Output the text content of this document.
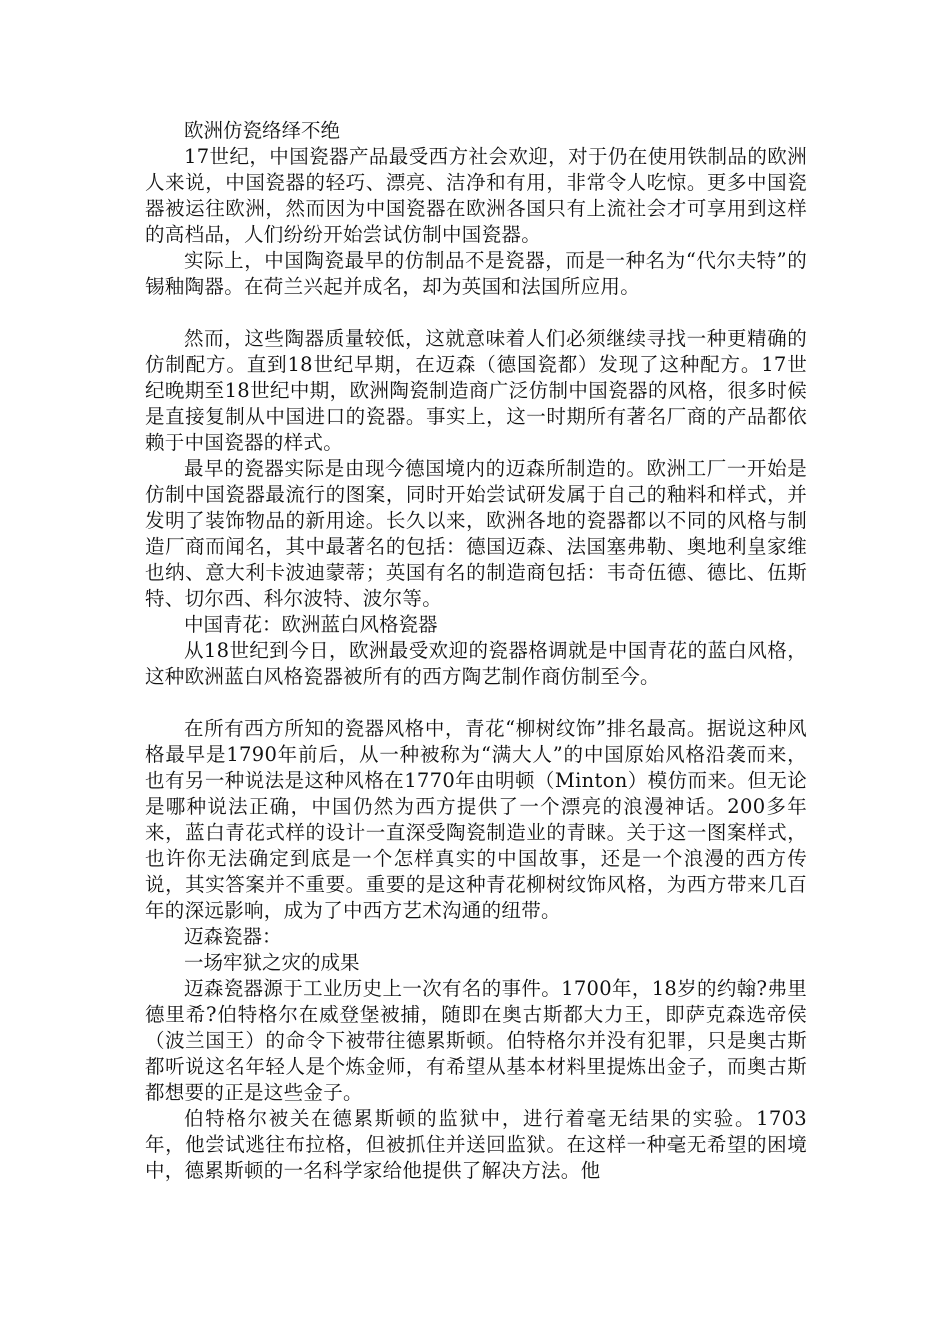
欧洲仿瓷络绎不绝

17世纪，中国瓷器产品最受西方社会欢迎，对于仍在使用铁制品的欧洲人来说，中国瓷器的轻巧、漂亮、洁净和有用，非常令人吃惊。更多中国瓷器被运往欧洲，然而因为中国瓷器在欧洲各国只有上流社会才可享用到这样的高档品，人们纷纷开始尝试仿制中国瓷器。

实际上，中国陶瓷最早的仿制品不是瓷器，而是一种名为“代尔夫特”的锡釉陶器。在荷兰兴起并成名，却为英国和法国所应用。

然而，这些陶器质量较低，这就意味着人们必须继续寻找一种更精确的仿制配方。直到18世纪早期，在迈森（德国瓷都）发现了这种配方。17世纪晚期至18世纪中期，欧洲陶瓷制造商广泛仿制中国瓷器的风格，很多时候是直接复制从中国进口的瓷器。事实上，这一时期所有著名厂商的产品都依赖于中国瓷器的样式。

最早的瓷器实际是由现今德国境内的迈森所制造的。欧洲工厂一开始是仿制中国瓷器最流行的图案，同时开始尝试研发属于自己的釉料和样式，并发明了装饰物品的新用途。长久以来，欧洲各地的瓷器都以不同的风格与制造厂商而闻名，其中最著名的包括：德国迈森、法国塞弗勒、奥地利皇家维也纳、意大利卡波迪蒙蒂；英国有名的制造商包括：韦奇伍德、德比、伍斯特、切尔西、科尔波特、波尔等。

中国青花：欧洲蓝白风格瓷器

从18世纪到今日，欧洲最受欢迎的瓷器格调就是中国青花的蓝白风格，这种欧洲蓝白风格瓷器被所有的西方陶艺制作商仿制至今。

在所有西方所知的瓷器风格中，青花“柳树纹饰”排名最高。据说这种风格最早是1790年前后，从一种被称为“满大人”的中国原始风格沿袭而来，也有另一种说法是这种风格在1770年由明顿（Minton）模仿而来。但无论是哪种说法正确，中国仍然为西方提供了一个漂亮的浪漫神话。200多年来，蓝白青花式样的设计一直深受陶瓷制造业的青睐。关于这一图案样式，也许你无法确定到底是一个怎样真实的中国故事，还是一个浪漫的西方传说，其实答案并不重要。重要的是这种青花柳树纹饰风格，为西方带来几百年的深远影响，成为了中西方艺术沟通的纽带。

迈森瓷器：

一场牢狱之灾的成果

迈森瓷器源于工业历史上一次有名的事件。1700年，18岁的约翰?弗里德里希?伯特格尔在威登堡被捕，随即在奥古斯都大力王，即萨克森选帝侯（波兰国王）的命令下被带往德累斯顿。伯特格尔并没有犯罪，只是奥古斯都听说这名年轻人是个炼金师，有希望从基本材料里提炼出金子，而奥古斯都想要的正是这些金子。

伯特格尔被关在德累斯顿的监狱中，进行着毫无结果的实验。1703年，他尝试逃往布拉格，但被抓住并送回监狱。在这样一种毫无希望的困境中，德累斯顿的一名科学家给他提供了解决方法。他
